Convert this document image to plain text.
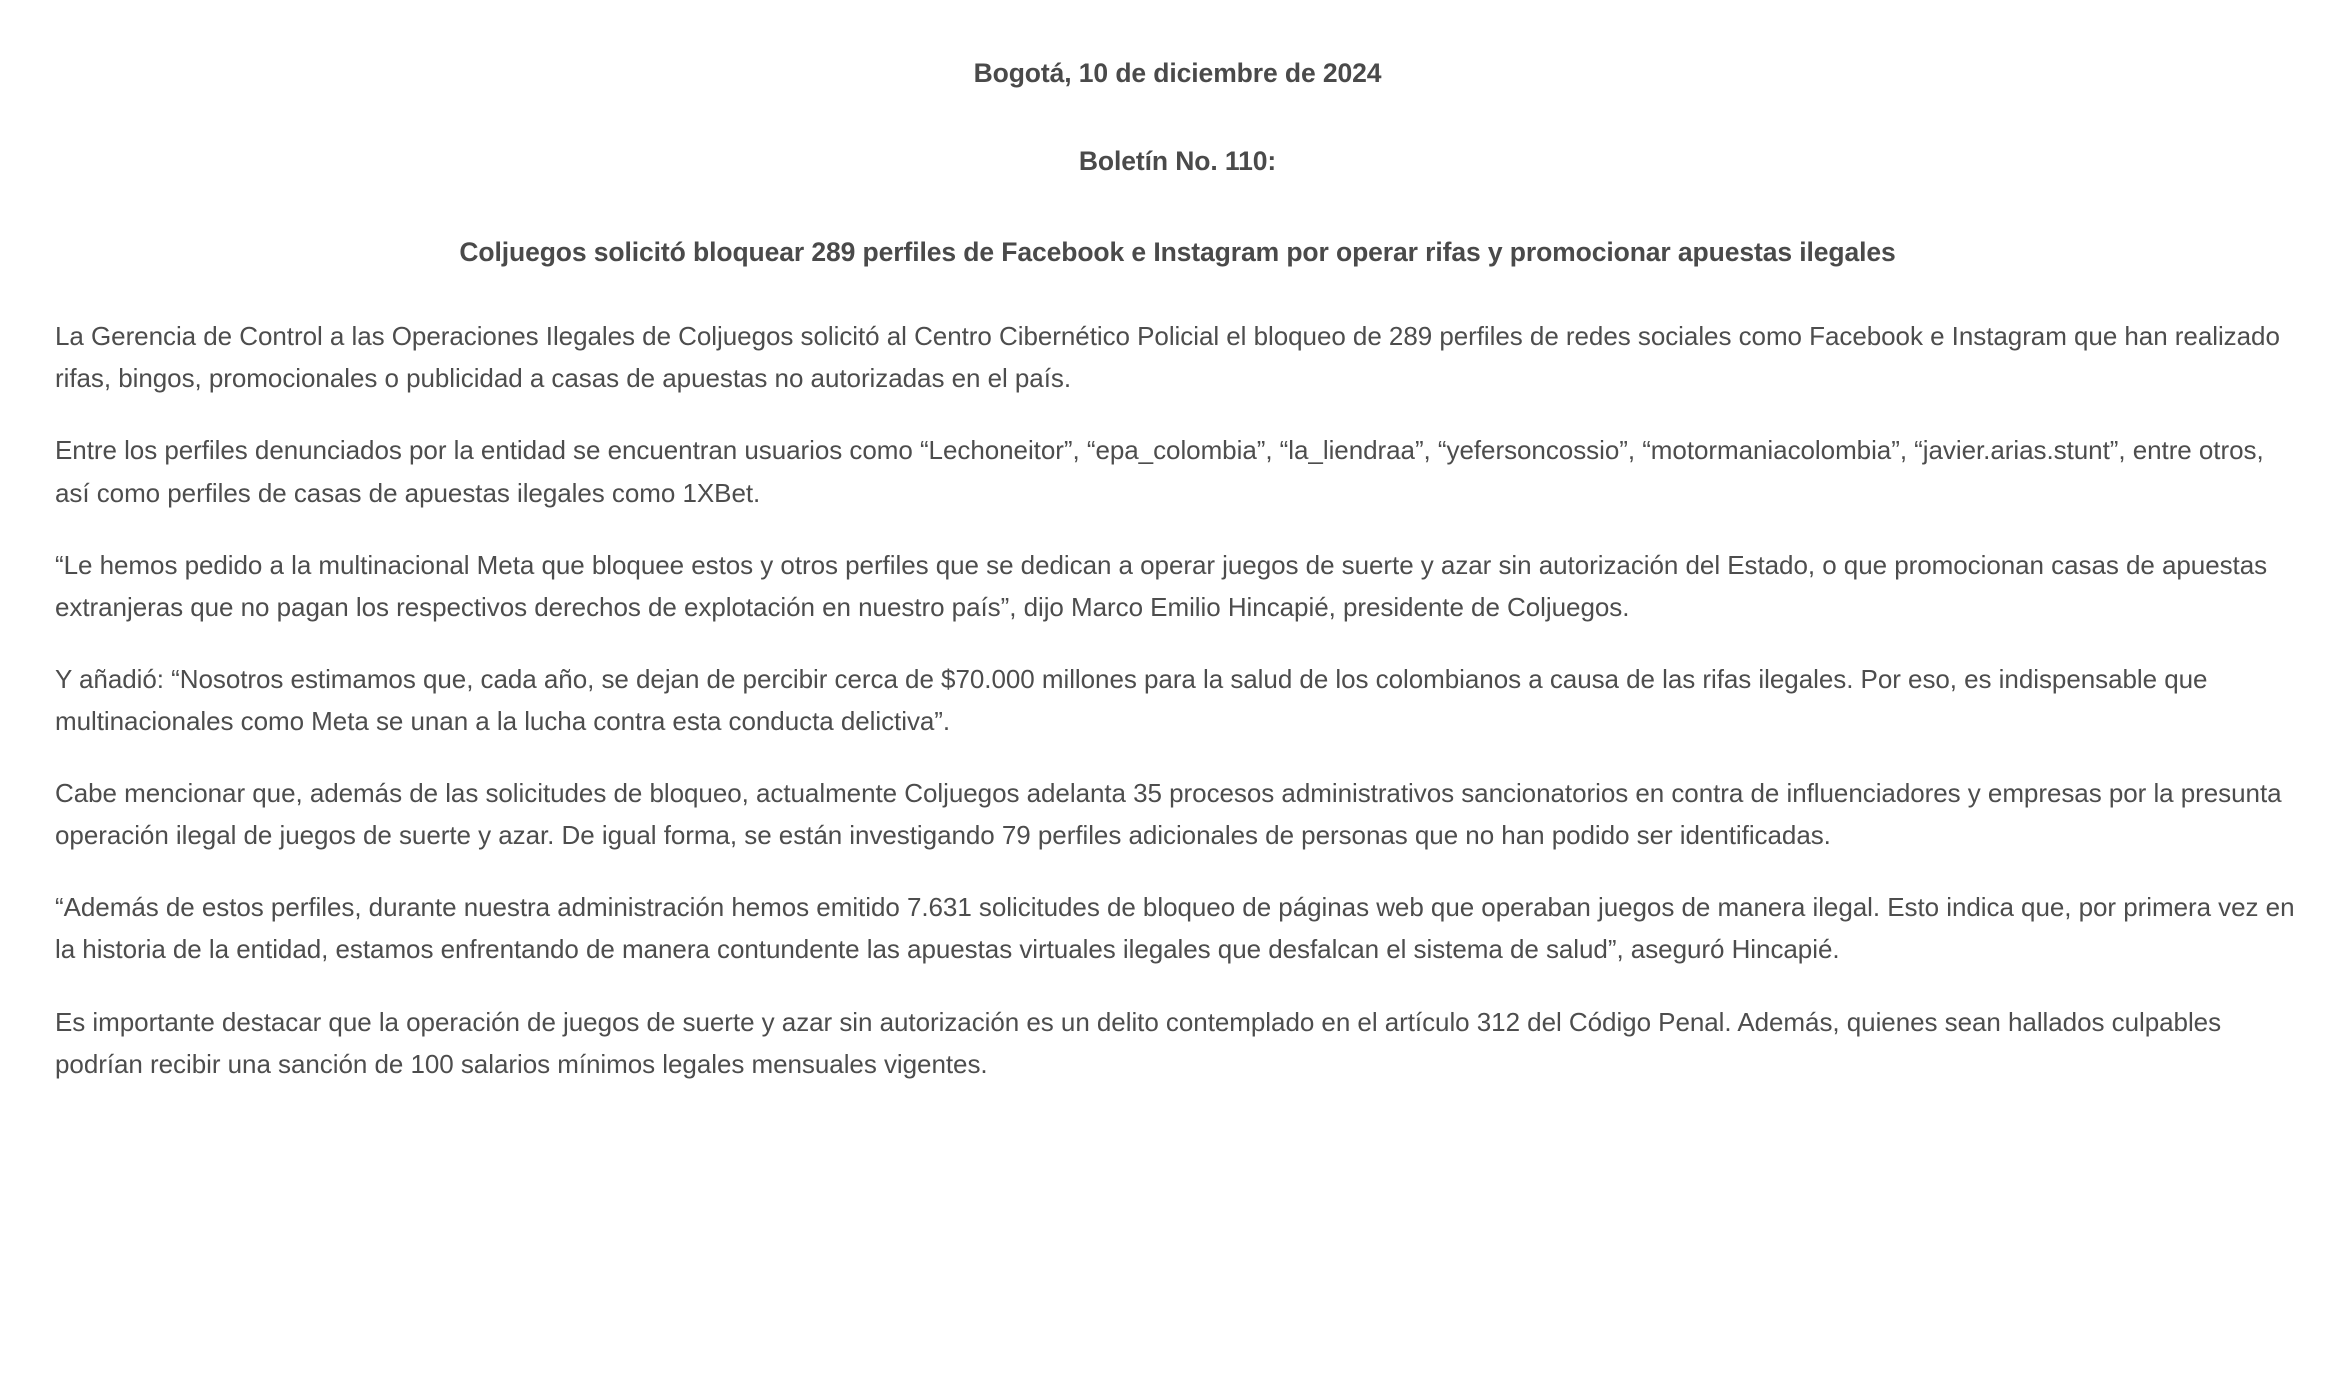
Bogotá, 10 de diciembre de 2024
Boletín No. 110:
Coljuegos solicitó bloquear 289 perfiles de Facebook e Instagram por operar rifas y promocionar apuestas ilegales

La Gerencia de Control a las Operaciones Ilegales de Coljuegos solicitó al Centro Cibernético Policial el bloqueo de 289 perfiles de redes sociales como Facebook e Instagram que han realizado rifas, bingos, promocionales o publicidad a casas de apuestas no autorizadas en el país.

Entre los perfiles denunciados por la entidad se encuentran usuarios como “Lechoneitor”, “epa_colombia”, “la_liendraa”, “yefersoncossio”, “motormaniacolombia”, “javier.arias.stunt”, entre otros, así como perfiles de casas de apuestas ilegales como 1XBet.

“Le hemos pedido a la multinacional Meta que bloquee estos y otros perfiles que se dedican a operar juegos de suerte y azar sin autorización del Estado, o que promocionan casas de apuestas extranjeras que no pagan los respectivos derechos de explotación en nuestro país”, dijo Marco Emilio Hincapié, presidente de Coljuegos.

Y añadió: “Nosotros estimamos que, cada año, se dejan de percibir cerca de $70.000 millones para la salud de los colombianos a causa de las rifas ilegales. Por eso, es indispensable que multinacionales como Meta se unan a la lucha contra esta conducta delictiva”.

Cabe mencionar que, además de las solicitudes de bloqueo, actualmente Coljuegos adelanta 35 procesos administrativos sancionatorios en contra de influenciadores y empresas por la presunta operación ilegal de juegos de suerte y azar. De igual forma, se están investigando 79 perfiles adicionales de personas que no han podido ser identificadas.

“Además de estos perfiles, durante nuestra administración hemos emitido 7.631 solicitudes de bloqueo de páginas web que operaban juegos de manera ilegal. Esto indica que, por primera vez en la historia de la entidad, estamos enfrentando de manera contundente las apuestas virtuales ilegales que desfalcan el sistema de salud”, aseguró Hincapié.

Es importante destacar que la operación de juegos de suerte y azar sin autorización es un delito contemplado en el artículo 312 del Código Penal. Además, quienes sean hallados culpables podrían recibir una sanción de 100 salarios mínimos legales mensuales vigentes.
